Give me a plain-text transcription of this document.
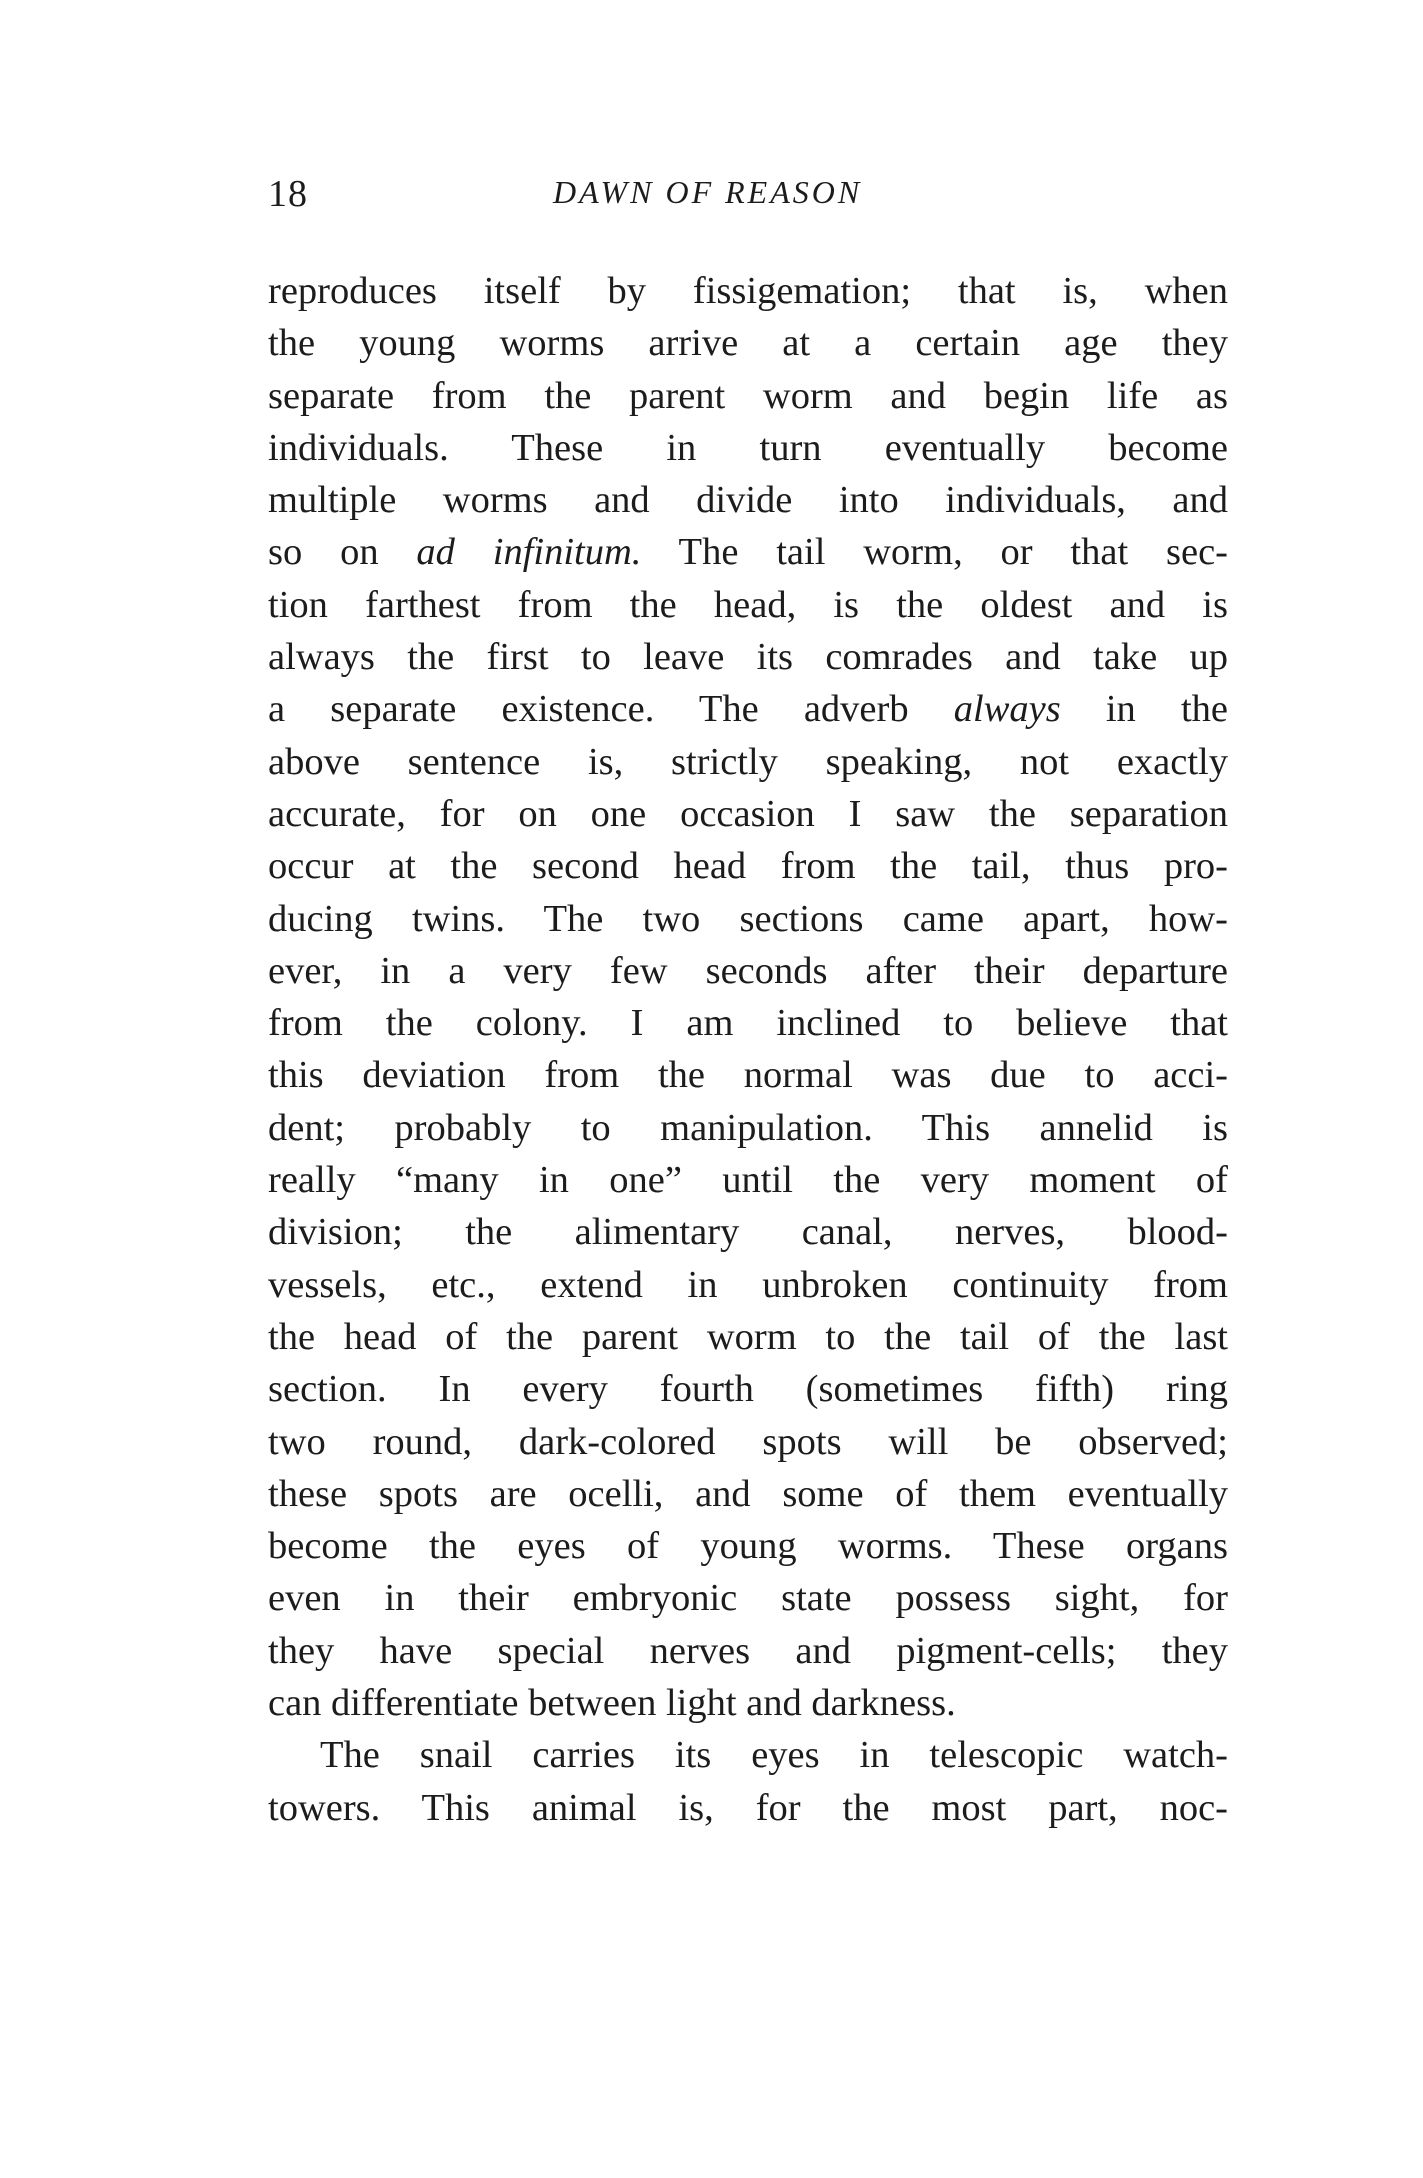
18	DAWN OF REASON
reproduces itself by fissigemation; that is, when
the young worms arrive at a certain age they
separate from the parent worm and begin life as
individuals. These in turn eventually become
multiple worms and divide into individuals, and
so on ad infinitum. The tail worm, or that sec-
tion farthest from the head, is the oldest and is
always the first to leave its comrades and take up
a separate existence. The adverb always in the
above sentence is, strictly speaking, not exactly
accurate, for on one occasion I saw the separation
occur at the second head from the tail, thus pro-
ducing twins. The two sections came apart, how-
ever, in a very few seconds after their departure
from the colony. I am inclined to believe that
this deviation from the normal was due to acci-
dent; probably to manipulation. This annelid is
really “many in one” until the very moment of
division; the alimentary canal, nerves, blood-
vessels, etc., extend in unbroken continuity from
the head of the parent worm to the tail of the last
section. In every fourth (sometimes fifth) ring
two round, dark-colored spots will be observed;
these spots are ocelli, and some of them eventually
become the eyes of young worms. These organs
even in their embryonic state possess sight, for
they have special nerves and pigment-cells; they
can differentiate between light and darkness.
The snail carries its eyes in telescopic watch-
towers. This animal is, for the most part, noc-
